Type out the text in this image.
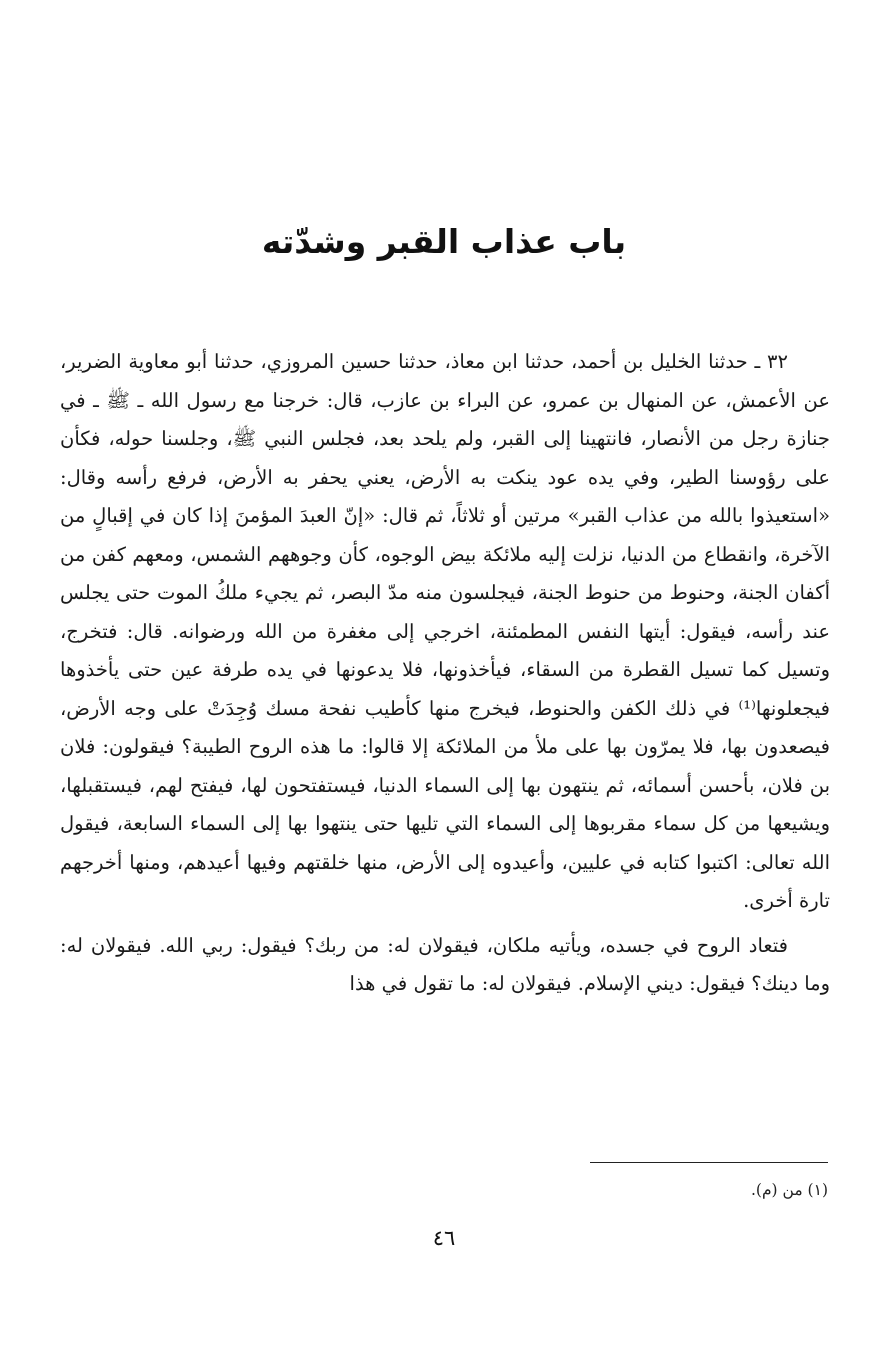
باب عذاب القبر وشدّته

٣٢ ـ حدثنا الخليل بن أحمد، حدثنا ابن معاذ، حدثنا حسين المروزي، حدثنا أبو معاوية الضرير، عن الأعمش، عن المنهال بن عمرو، عن البراء بن عازب، قال: خرجنا مع رسول الله ـ ﷺ ـ في جنازة رجل من الأنصار، فانتهينا إلى القبر، ولم يلحد بعد، فجلس النبي ﷺ، وجلسنا حوله، فكأن على رؤوسنا الطير، وفي يده عود ينكت به الأرض، يعني يحفر به الأرض، فرفع رأسه وقال: «استعيذوا بالله من عذاب القبر» مرتين أو ثلاثاً، ثم قال: «إنّ العبدَ المؤمنَ إذا كان في إقبالٍ من الآخرة، وانقطاع من الدنيا، نزلت إليه ملائكة بيض الوجوه، كأن وجوههم الشمس، ومعهم كفن من أكفان الجنة، وحنوط من حنوط الجنة، فيجلسون منه مدّ البصر، ثم يجيء ملكُ الموت حتى يجلس عند رأسه، فيقول: أيتها النفس المطمئنة، اخرجي إلى مغفرة من الله ورضوانه. قال: فتخرج، وتسيل كما تسيل القطرة من السقاء، فيأخذونها، فلا يدعونها في يده طرفة عين حتى يأخذوها فيجعلونها⁽¹⁾ في ذلك الكفن والحنوط، فيخرج منها كأطيب نفحة مسك وُجِدَتْ على وجه الأرض، فيصعدون بها، فلا يمرّون بها على ملأ من الملائكة إلا قالوا: ما هذه الروح الطيبة؟ فيقولون: فلان بن فلان، بأحسن أسمائه، ثم ينتهون بها إلى السماء الدنيا، فيستفتحون لها، فيفتح لهم، فيستقبلها، ويشيعها من كل سماء مقربوها إلى السماء التي تليها حتى ينتهوا بها إلى السماء السابعة، فيقول الله تعالى: اكتبوا كتابه في عليين، وأعيدوه إلى الأرض، منها خلقتهم وفيها أعيدهم، ومنها أخرجهم تارة أخرى.

فتعاد الروح في جسده، ويأتيه ملكان، فيقولان له: من ربك؟ فيقول: ربي الله. فيقولان له: وما دينك؟ فيقول: ديني الإسلام. فيقولان له: ما تقول في هذا

(١) من (م).
٤٦
